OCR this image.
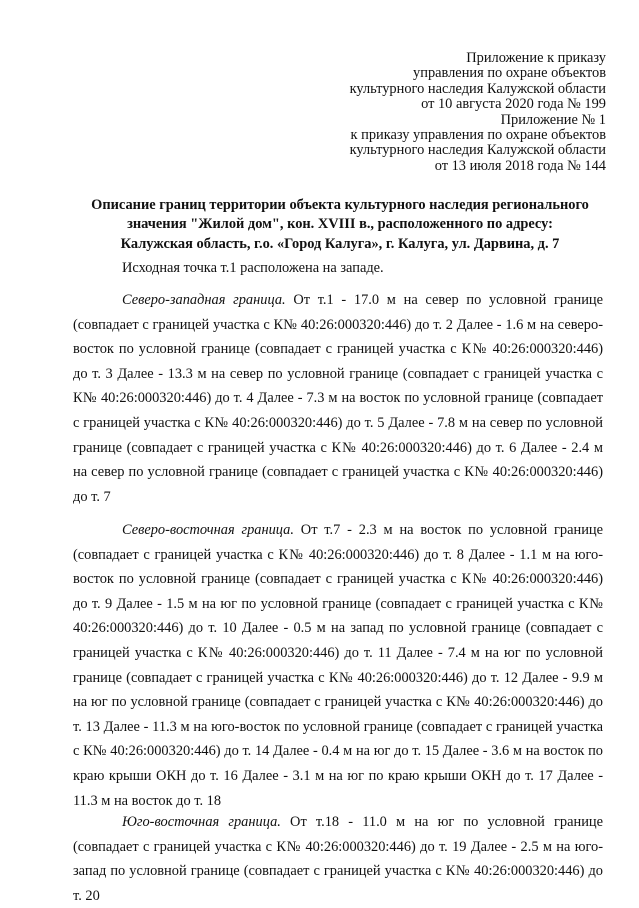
Приложение к приказу
управления по охране объектов
культурного наследия Калужской области
от 10 августа 2020 года № 199
Приложение № 1
к приказу управления по охране объектов
культурного наследия Калужской области
от 13 июля 2018 года № 144
Описание границ территории объекта культурного наследия регионального
значения "Жилой дом", кон. XVIII в., расположенного по адресу:
Калужская область, г.о. «Город Калуга», г. Калуга, ул. Дарвина, д. 7
Исходная точка т.1 расположена на западе.
Северо-западная граница. От т.1 - 17.0 м на север по условной границе (совпадает с границей участка с К№ 40:26:000320:446) до т. 2 Далее - 1.6 м на северо-восток по условной границе (совпадает с границей участка с К№ 40:26:000320:446) до т. 3 Далее - 13.3 м на север по условной границе (совпадает с границей участка с К№ 40:26:000320:446) до т. 4 Далее - 7.3 м на восток по условной границе (совпадает с границей участка с К№ 40:26:000320:446) до т. 5 Далее - 7.8 м на север по условной границе (совпадает с границей участка с К№ 40:26:000320:446) до т. 6 Далее - 2.4 м на север по условной границе (совпадает с границей участка с К№ 40:26:000320:446) до т. 7
Северо-восточная граница. От т.7 - 2.3 м на восток по условной границе (совпадает с границей участка с К№ 40:26:000320:446) до т. 8 Далее - 1.1 м на юго-восток по условной границе (совпадает с границей участка с К№ 40:26:000320:446) до т. 9 Далее - 1.5 м на юг по условной границе (совпадает с границей участка с К№ 40:26:000320:446) до т. 10 Далее - 0.5 м на запад по условной границе (совпадает с границей участка с К№ 40:26:000320:446) до т. 11 Далее - 7.4 м на юг по условной границе (совпадает с границей участка с К№ 40:26:000320:446) до т. 12 Далее - 9.9 м на юг по условной границе (совпадает с границей участка с К№ 40:26:000320:446) до т. 13 Далее - 11.3 м на юго-восток по условной границе (совпадает с границей участка с К№ 40:26:000320:446) до т. 14 Далее - 0.4 м на юг до т. 15 Далее - 3.6 м на восток по краю крыши ОКН до т. 16 Далее - 3.1 м на юг по краю крыши ОКН до т. 17 Далее - 11.3 м на восток до т. 18
Юго-восточная граница. От т.18 - 11.0 м на юг по условной границе (совпадает с границей участка с К№ 40:26:000320:446) до т. 19 Далее - 2.5 м на юго-запад по условной границе (совпадает с границей участка с К№ 40:26:000320:446) до т. 20
